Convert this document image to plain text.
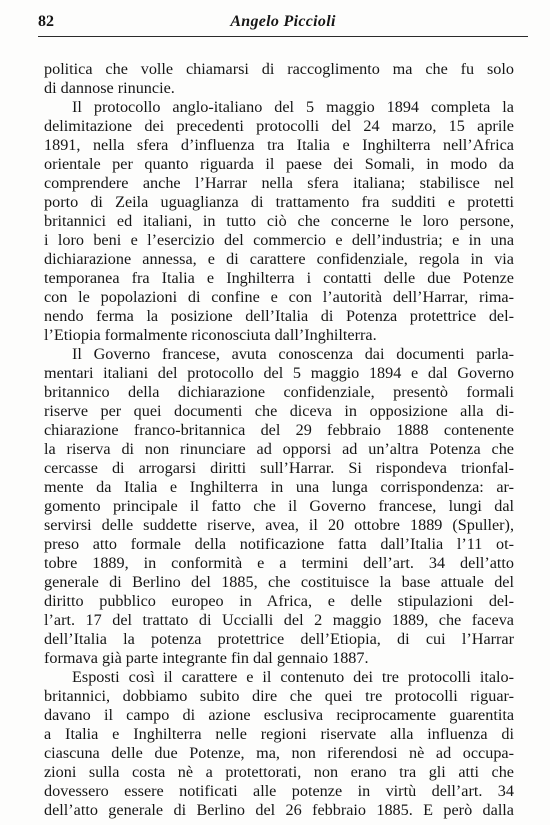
82	Angelo Piccioli
politica che volle chiamarsi di raccoglimento ma che fu solo
di dannose rinuncie.
Il protocollo anglo-italiano del 5 maggio 1894 completa la
delimitazione dei precedenti protocolli del 24 marzo, 15 aprile
1891, nella sfera d’influenza tra Italia e Inghilterra nell’Africa
orientale per quanto riguarda il paese dei Somali, in modo da
comprendere anche l’Harrar nella sfera italiana; stabilisce nel
porto di Zeila uguaglianza di trattamento fra sudditi e protetti
britannici ed italiani, in tutto ciò che concerne le loro persone,
i loro beni e l’esercizio del commercio e dell’industria; e in una
dichiarazione annessa, e di carattere confidenziale, regola in via
temporanea fra Italia e Inghilterra i contatti delle due Potenze
con le popolazioni di confine e con l’autorità dell’Harrar, rima-
nendo ferma la posizione dell’Italia di Potenza protettrice del-
l’Etiopia formalmente riconosciuta dall’Inghilterra.
Il Governo francese, avuta conoscenza dai documenti parla-
mentari italiani del protocollo del 5 maggio 1894 e dal Governo
britannico della dichiarazione confidenziale, presentò formali
riserve per quei documenti che diceva in opposizione alla di-
chiarazione franco-britannica del 29 febbraio 1888 contenente
la riserva di non rinunciare ad opporsi ad un’altra Potenza che
cercasse di arrogarsi diritti sull’Harrar. Si rispondeva trionfal-
mente da Italia e Inghilterra in una lunga corrispondenza: ar-
gomento principale il fatto che il Governo francese, lungi dal
servirsi delle suddette riserve, avea, il 20 ottobre 1889 (Spuller),
preso atto formale della notificazione fatta dall’Italia l’11 ot-
tobre 1889, in conformità e a termini dell’art. 34 dell’atto
generale di Berlino del 1885, che costituisce la base attuale del
diritto pubblico europeo in Africa, e delle stipulazioni del-
l’art. 17 del trattato di Uccialli del 2 maggio 1889, che faceva
dell’Italia la potenza protettrice dell’Etiopia, di cui l’Harrar
formava già parte integrante fin dal gennaio 1887.
Esposti così il carattere e il contenuto dei tre protocolli italo-
britannici, dobbiamo subito dire che quei tre protocolli riguar-
davano il campo di azione esclusiva reciprocamente guarentita
a Italia e Inghilterra nelle regioni riservate alla influenza di
ciascuna delle due Potenze, ma, non riferendosi nè ad occupa-
zioni sulla costa nè a protettorati, non erano tra gli atti che
dovessero essere notificati alle potenze in virtù dell’art. 34
dell’atto generale di Berlino del 26 febbraio 1885. E però dalla
